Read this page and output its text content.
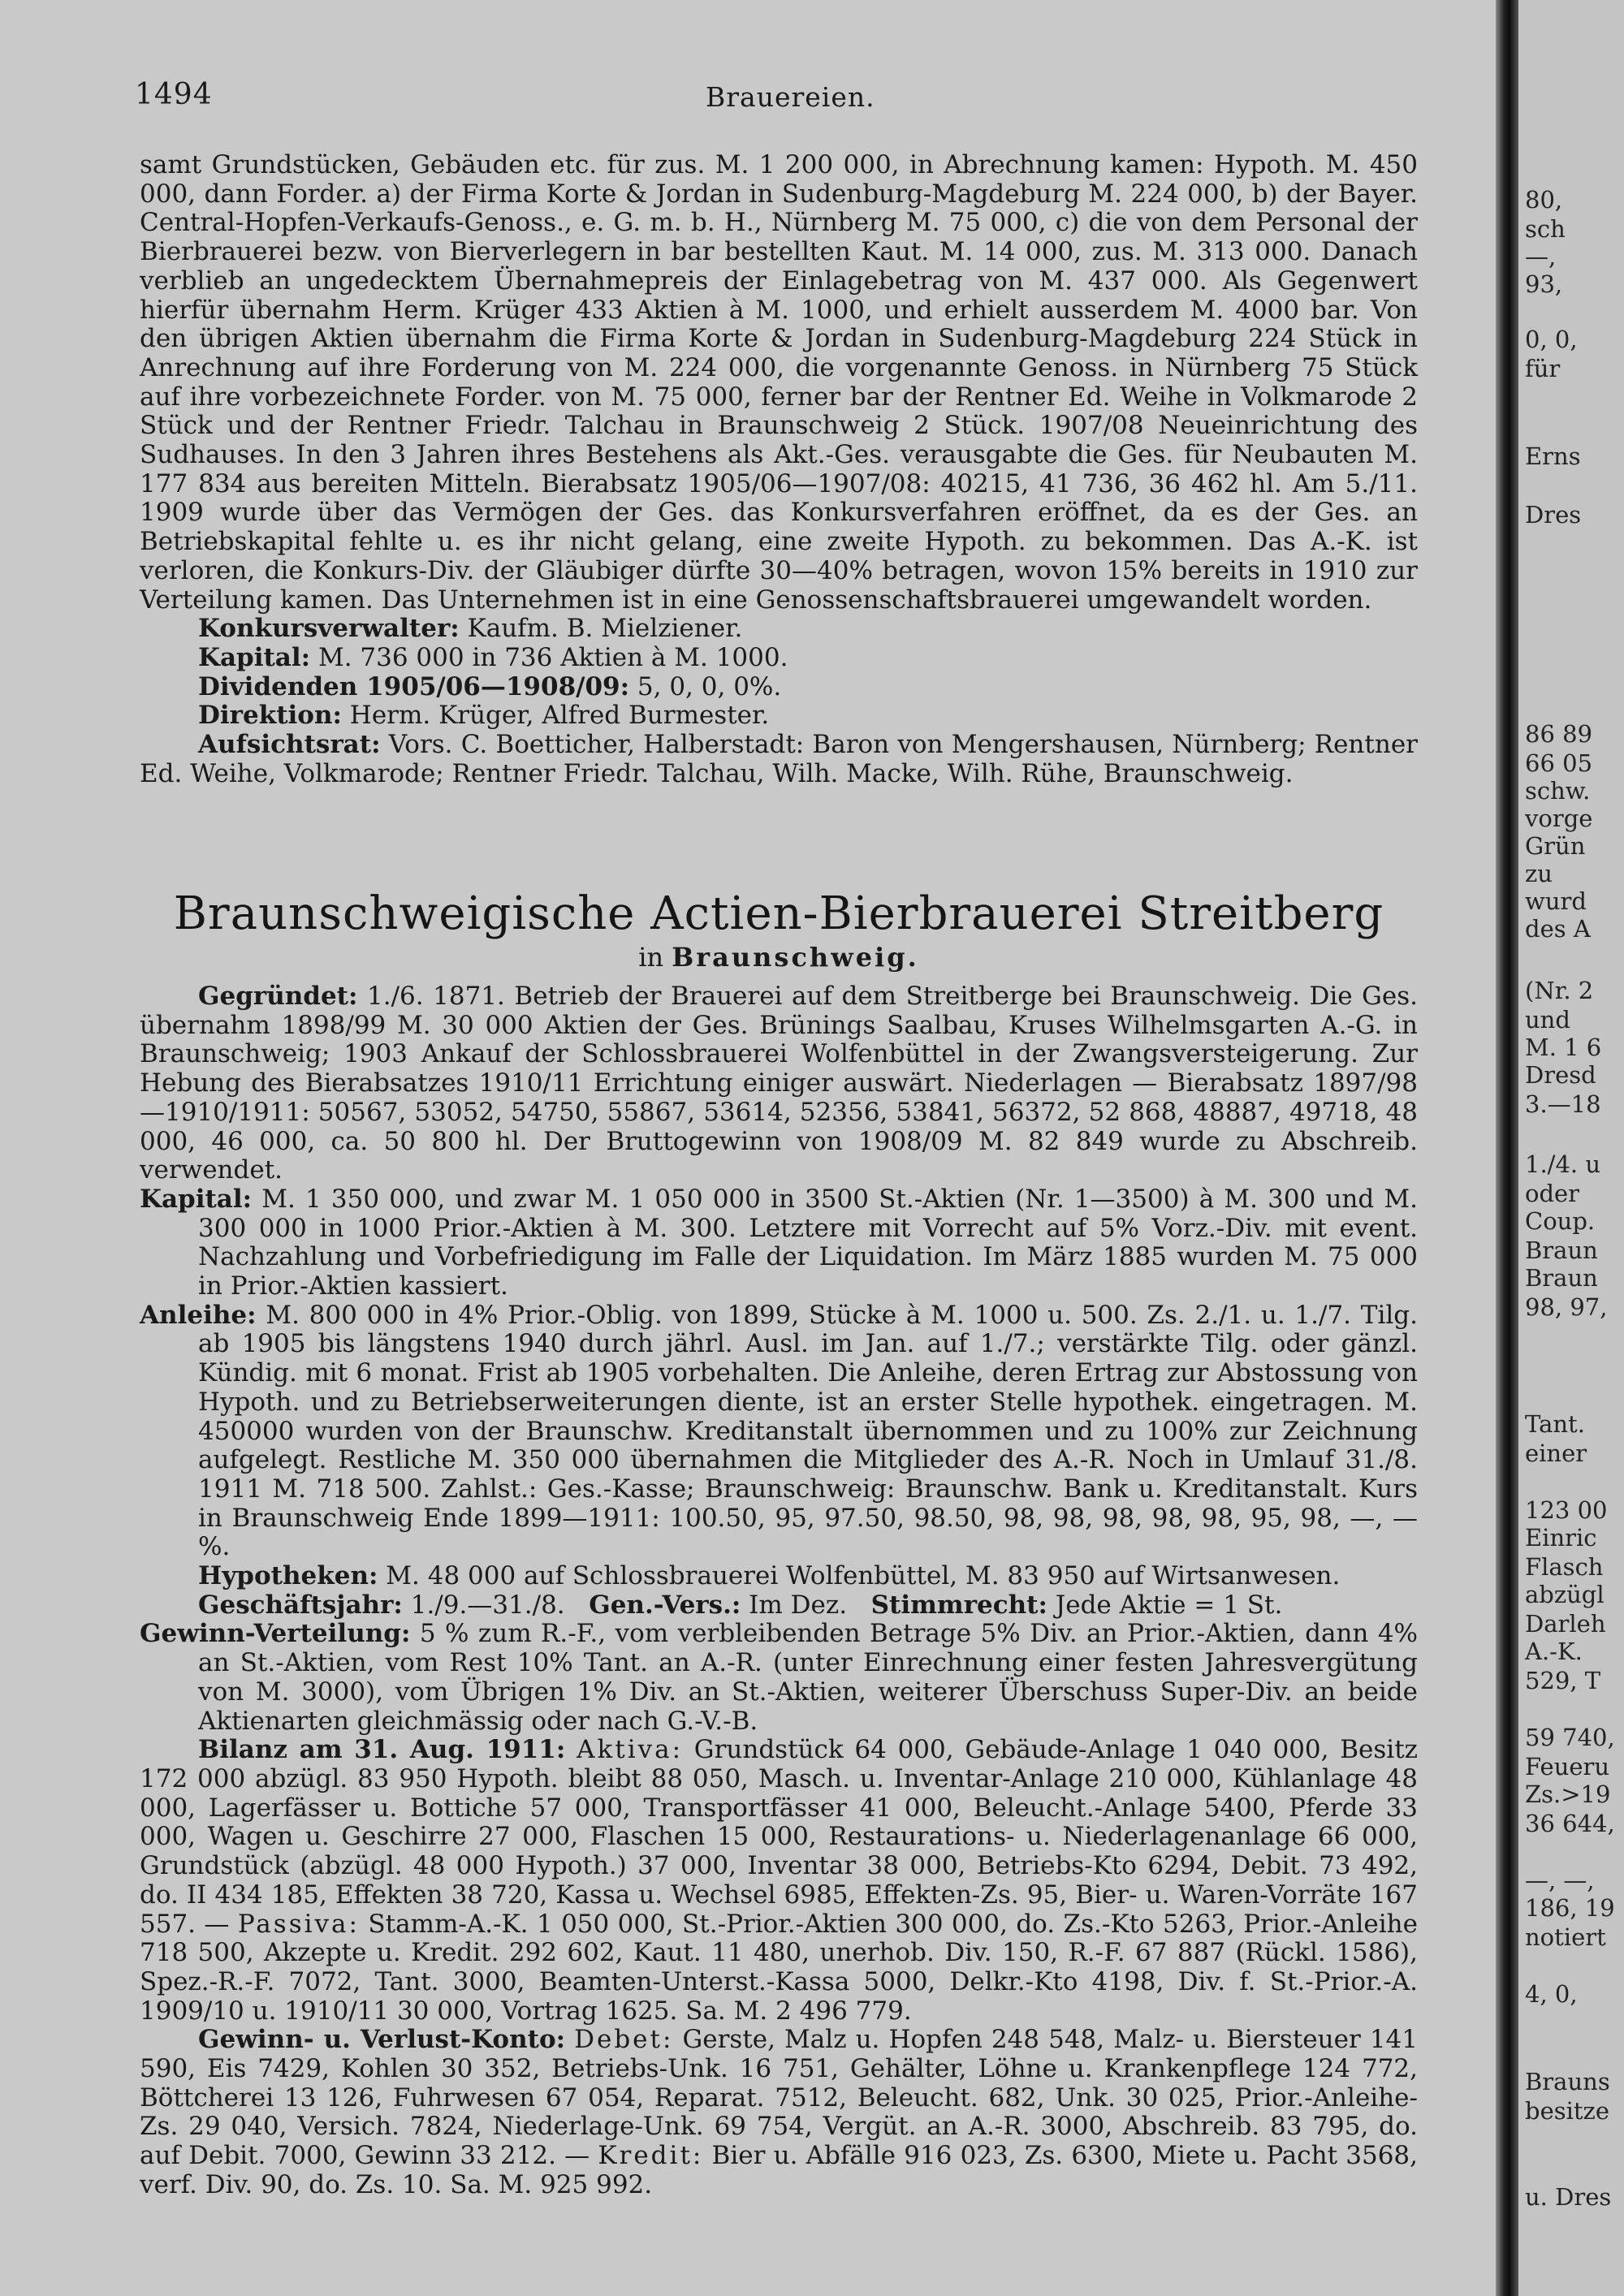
1494	Brauereien.

samt Grundstücken, Gebäuden etc. für zus. M. 1 200 000, in Abrechnung kamen: Hypoth. M. 450 000, dann Forder. a) der Firma Korte & Jordan in Sudenburg-Magdeburg M. 224 000, b) der Bayer. Central-Hopfen-Verkaufs-Genoss., e. G. m. b. H., Nürnberg M. 75 000, c) die von dem Personal der Bierbrauerei bezw. von Bierverlegern in bar bestellten Kaut. M. 14 000, zus. M. 313 000. Danach verblieb an ungedecktem Übernahmepreis der Einlagebetrag von M. 437 000. Als Gegenwert hierfür übernahm Herm. Krüger 433 Aktien à M. 1000, und erhielt ausserdem M. 4000 bar. Von den übrigen Aktien übernahm die Firma Korte & Jordan in Sudenburg-Magdeburg 224 Stück in Anrechnung auf ihre Forderung von M. 224 000, die vorgenannte Genoss. in Nürnberg 75 Stück auf ihre vorbezeichnete Forder. von M. 75 000, ferner bar der Rentner Ed. Weihe in Volkmarode 2 Stück und der Rentner Friedr. Talchau in Braunschweig 2 Stück. 1907/08 Neueinrichtung des Sudhauses. In den 3 Jahren ihres Bestehens als Akt.-Ges. verausgabte die Ges. für Neubauten M. 177 834 aus bereiten Mitteln. Bierabsatz 1905/06—1907/08: 40215, 41 736, 36 462 hl. Am 5./11. 1909 wurde über das Vermögen der Ges. das Konkursverfahren eröffnet, da es der Ges. an Betriebskapital fehlte u. es ihr nicht gelang, eine zweite Hypoth. zu bekommen. Das A.-K. ist verloren, die Konkurs-Div. der Gläubiger dürfte 30—40% betragen, wovon 15% bereits in 1910 zur Verteilung kamen. Das Unternehmen ist in eine Genossenschaftsbrauerei umgewandelt worden.

Konkursverwalter: Kaufm. B. Mielziener.

Kapital: M. 736 000 in 736 Aktien à M. 1000.

Dividenden 1905/06—1908/09: 5, 0, 0, 0%.

Direktion: Herm. Krüger, Alfred Burmester.

Aufsichtsrat: Vors. C. Boetticher, Halberstadt: Baron von Mengershausen, Nürnberg; Rentner Ed. Weihe, Volkmarode; Rentner Friedr. Talchau, Wilh. Macke, Wilh. Rühe, Braunschweig.

Braunschweigische Actien-Bierbrauerei Streitberg
in Braunschweig.

Gegründet: 1./6. 1871. Betrieb der Brauerei auf dem Streitberge bei Braunschweig. Die Ges. übernahm 1898/99 M. 30 000 Aktien der Ges. Brünings Saalbau, Kruses Wilhelmsgarten A.-G. in Braunschweig; 1903 Ankauf der Schlossbrauerei Wolfenbüttel in der Zwangsversteigerung. Zur Hebung des Bierabsatzes 1910/11 Errichtung einiger auswärt. Niederlagen — Bierabsatz 1897/98—1910/1911: 50567, 53052, 54750, 55867, 53614, 52356, 53841, 56372, 52 868, 48887, 49718, 48 000, 46 000, ca. 50 800 hl. Der Bruttogewinn von 1908/09 M. 82 849 wurde zu Abschreib. verwendet.

Kapital: M. 1 350 000, und zwar M. 1 050 000 in 3500 St.-Aktien (Nr. 1—3500) à M. 300 und M. 300 000 in 1000 Prior.-Aktien à M. 300. Letztere mit Vorrecht auf 5% Vorz.-Div. mit event. Nachzahlung und Vorbefriedigung im Falle der Liquidation. Im März 1885 wurden M. 75 000 in Prior.-Aktien kassiert.

Anleihe: M. 800 000 in 4% Prior.-Oblig. von 1899, Stücke à M. 1000 u. 500. Zs. 2./1. u. 1./7. Tilg. ab 1905 bis längstens 1940 durch jährl. Ausl. im Jan. auf 1./7.; verstärkte Tilg. oder gänzl. Kündig. mit 6 monat. Frist ab 1905 vorbehalten. Die Anleihe, deren Ertrag zur Abstossung von Hypoth. und zu Betriebserweiterungen diente, ist an erster Stelle hypothek. eingetragen. M. 450000 wurden von der Braunschw. Kreditanstalt übernommen und zu 100% zur Zeichnung aufgelegt. Restliche M. 350 000 übernahmen die Mitglieder des A.-R. Noch in Umlauf 31./8. 1911 M. 718 500. Zahlst.: Ges.-Kasse; Braunschweig: Braunschw. Bank u. Kreditanstalt. Kurs in Braunschweig Ende 1899—1911: 100.50, 95, 97.50, 98.50, 98, 98, 98, 98, 98, 95, 98, —, —%.

Hypotheken: M. 48 000 auf Schlossbrauerei Wolfenbüttel, M. 83 950 auf Wirtsanwesen.

Geschäftsjahr: 1./9.—31./8. Gen.-Vers.: Im Dez. Stimmrecht: Jede Aktie = 1 St.

Gewinn-Verteilung: 5 % zum R.-F., vom verbleibenden Betrage 5% Div. an Prior.-Aktien, dann 4% an St.-Aktien, vom Rest 10% Tant. an A.-R. (unter Einrechnung einer festen Jahresvergütung von M. 3000), vom Übrigen 1% Div. an St.-Aktien, weiterer Überschuss Super-Div. an beide Aktienarten gleichmässig oder nach G.-V.-B.

Bilanz am 31. Aug. 1911: Aktiva: Grundstück 64 000, Gebäude-Anlage 1 040 000, Besitz 172 000 abzügl. 83 950 Hypoth. bleibt 88 050, Masch. u. Inventar-Anlage 210 000, Kühlanlage 48 000, Lagerfässer u. Bottiche 57 000, Transportfässer 41 000, Beleucht.-Anlage 5400, Pferde 33 000, Wagen u. Geschirre 27 000, Flaschen 15 000, Restaurations- u. Niederlagenanlage 66 000, Grundstück (abzügl. 48 000 Hypoth.) 37 000, Inventar 38 000, Betriebs-Kto 6294, Debit. 73 492, do. II 434 185, Effekten 38 720, Kassa u. Wechsel 6985, Effekten-Zs. 95, Bier- u. Waren-Vorräte 167 557. — Passiva: Stamm-A.-K. 1 050 000, St.-Prior.-Aktien 300 000, do. Zs.-Kto 5263, Prior.-Anleihe 718 500, Akzepte u. Kredit. 292 602, Kaut. 11 480, unerhob. Div. 150, R.-F. 67 887 (Rückl. 1586), Spez.-R.-F. 7072, Tant. 3000, Beamten-Unterst.-Kassa 5000, Delkr.-Kto 4198, Div. f. St.-Prior.-A. 1909/10 u. 1910/11 30 000, Vortrag 1625. Sa. M. 2 496 779.

Gewinn- u. Verlust-Konto: Debet: Gerste, Malz u. Hopfen 248 548, Malz- u. Biersteuer 141 590, Eis 7429, Kohlen 30 352, Betriebs-Unk. 16 751, Gehälter, Löhne u. Krankenpflege 124 772, Böttcherei 13 126, Fuhrwesen 67 054, Reparat. 7512, Beleucht. 682, Unk. 30 025, Prior.-Anleihe-Zs. 29 040, Versich. 7824, Niederlage-Unk. 69 754, Vergüt. an A.-R. 3000, Abschreib. 83 795, do. auf Debit. 7000, Gewinn 33 212. — Kredit: Bier u. Abfälle 916 023, Zs. 6300, Miete u. Pacht 3568, verf. Div. 90, do. Zs. 10. Sa. M. 925 992.

80,
sch
—,
93,
0, 0,
für
Erns
Dres
86 89
66 05
schw.
vorge
Grün
zu
wurd
des A
(Nr. 2
und
M. 1 6
Dresd
3.—18
1./4. u
oder
Coup.
Braun
Braun
98, 97,
Tant.
einer
123 00
Einric
Flasch
abzügl
Darleh
A.-K.
529, T
59 740,
Feueru
Zs.>19
36 644,
—, —,
186, 19
notiert
4, 0,
Brauns
besitze
u. Dres
